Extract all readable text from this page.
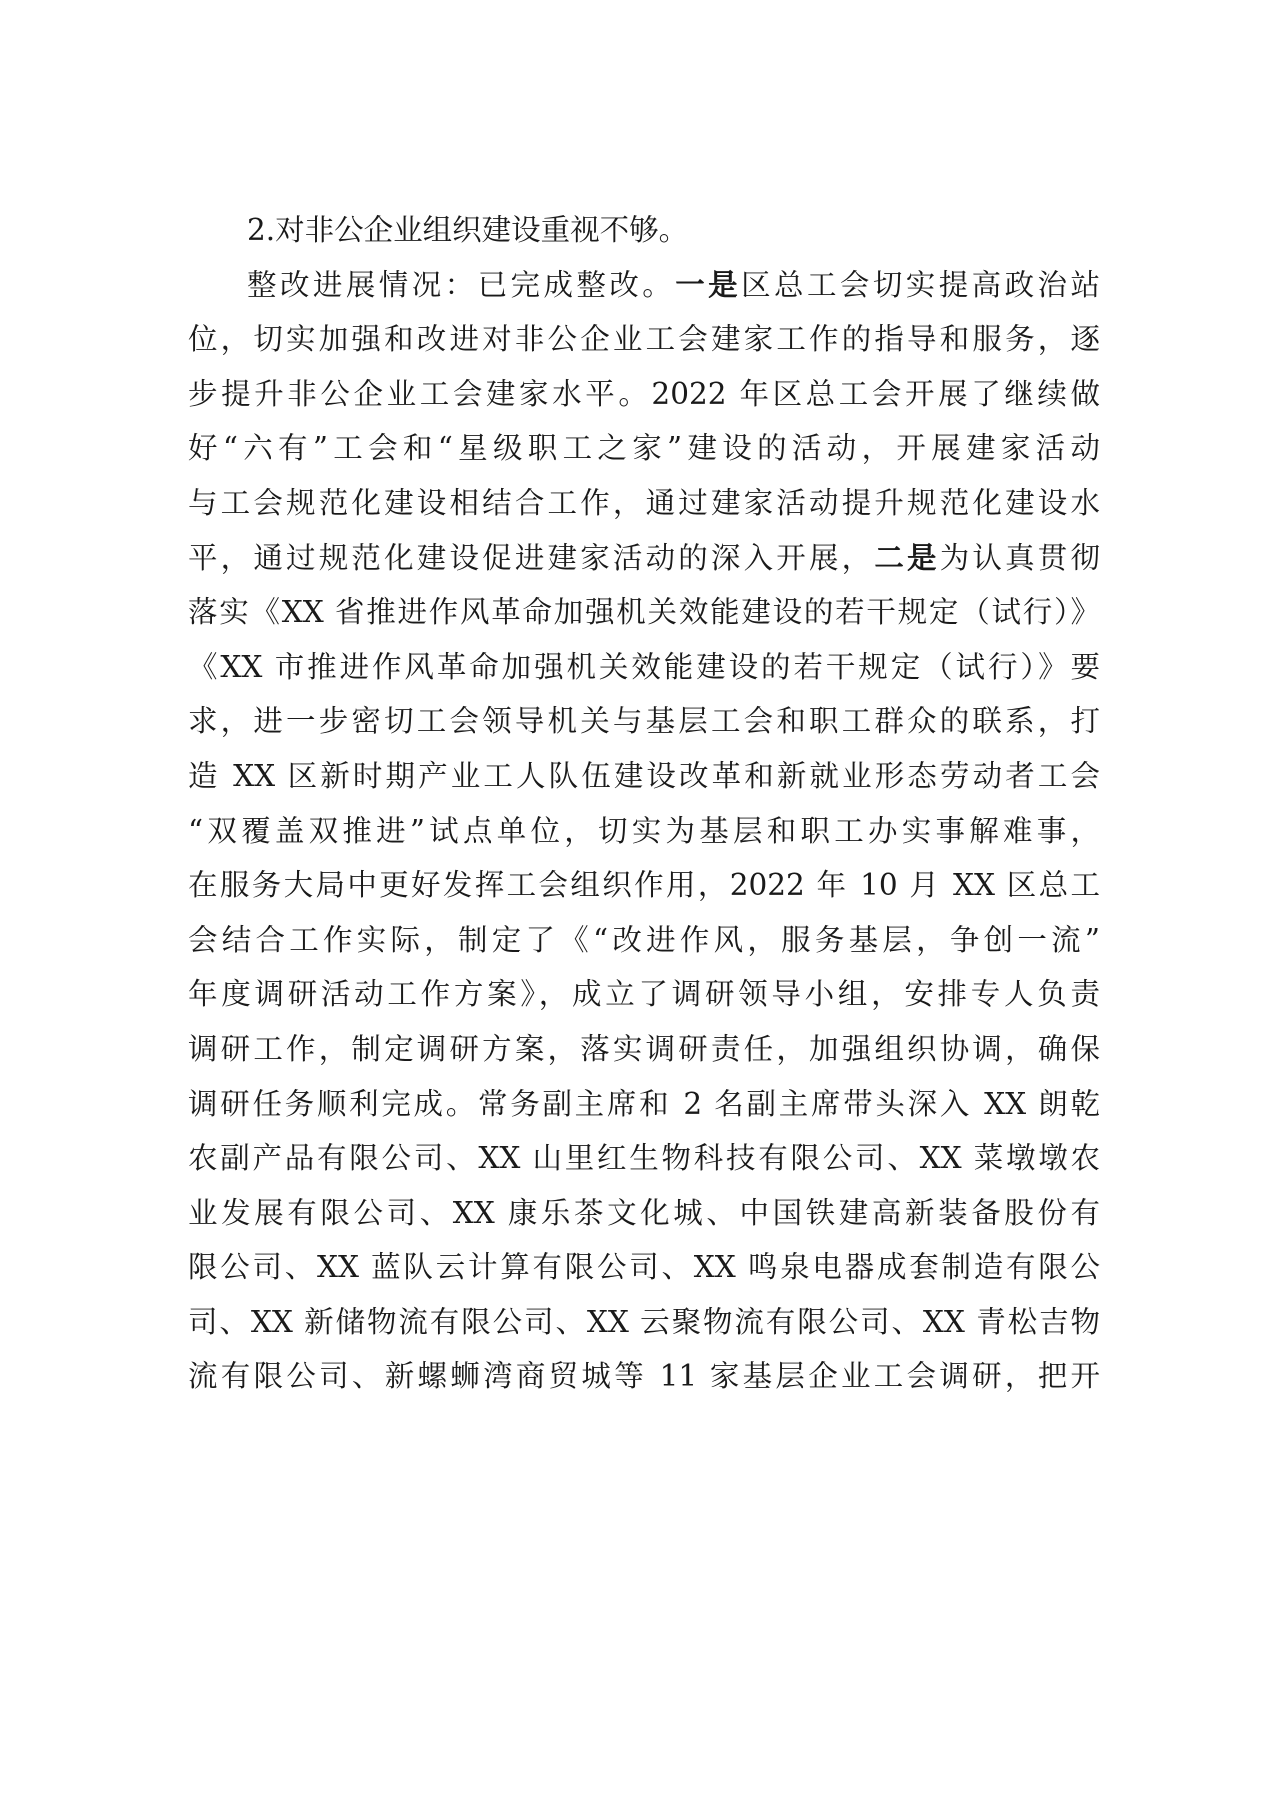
2.对非公企业组织建设重视不够。
整改进展情况：已完成整改。一是区总工会切实提高政治站
位，切实加强和改进对非公企业工会建家工作的指导和服务，逐
步提升非公企业工会建家水平。2022 年区总工会开展了继续做
好“六有”工会和“星级职工之家”建设的活动，开展建家活动
与工会规范化建设相结合工作，通过建家活动提升规范化建设水
平，通过规范化建设促进建家活动的深入开展，二是为认真贯彻
落实《XX 省推进作风革命加强机关效能建设的若干规定（试行）》
《XX 市推进作风革命加强机关效能建设的若干规定（试行）》要
求，进一步密切工会领导机关与基层工会和职工群众的联系，打
造 XX 区新时期产业工人队伍建设改革和新就业形态劳动者工会
“双覆盖双推进”试点单位，切实为基层和职工办实事解难事，
在服务大局中更好发挥工会组织作用，2022 年 10 月 XX 区总工
会结合工作实际，制定了《“改进作风，服务基层，争创一流”
年度调研活动工作方案》，成立了调研领导小组，安排专人负责
调研工作，制定调研方案，落实调研责任，加强组织协调，确保
调研任务顺利完成。常务副主席和 2 名副主席带头深入 XX 朗乾
农副产品有限公司、XX 山里红生物科技有限公司、XX 菜墩墩农
业发展有限公司、XX 康乐茶文化城、中国铁建高新装备股份有
限公司、XX 蓝队云计算有限公司、XX 鸣泉电器成套制造有限公
司、XX 新储物流有限公司、XX 云聚物流有限公司、XX 青松吉物
流有限公司、新螺蛳湾商贸城等 11 家基层企业工会调研，把开
